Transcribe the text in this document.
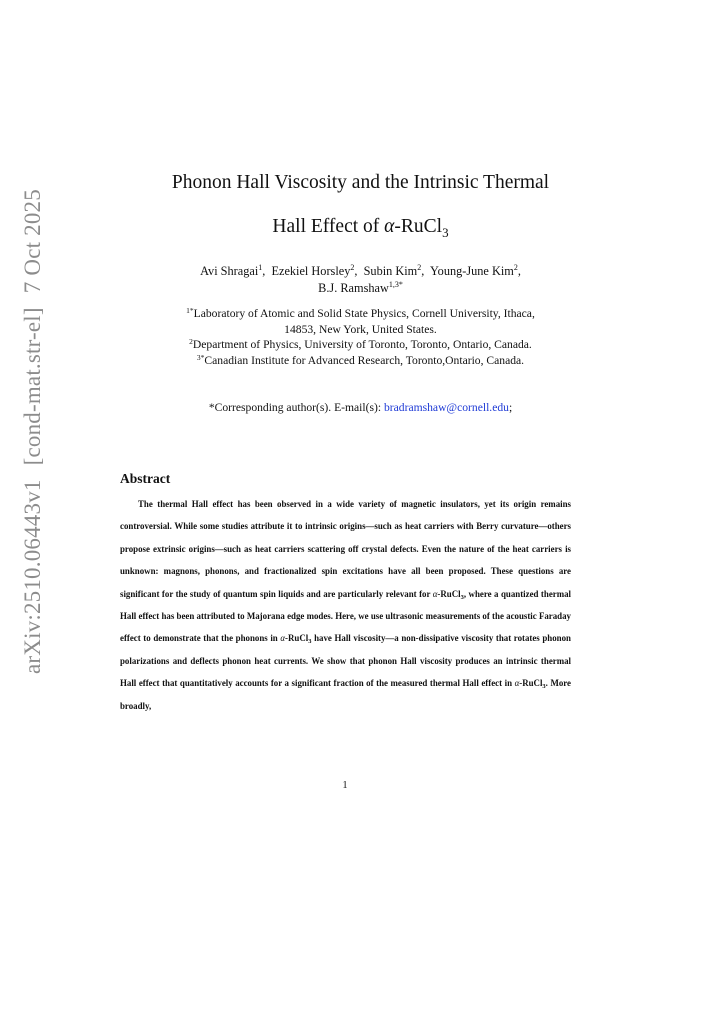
arXiv:2510.06443v1[cond-mat.str-el]7 Oct 2025
Phonon Hall Viscosity and the Intrinsic Thermal
Hall Effect of α-RuCl$_3$
Avi Shragai$^1$, Ezekiel Horsley$^2$, Subin Kim$^2$, Young-June Kim$^2$,
B.J. Ramshaw$^{1,3*}$
$^{1*}$Laboratory of Atomic and Solid State Physics, Cornell University, Ithaca,
14853, New York, United States.
$^2$Department of Physics, University of Toronto, Toronto, Ontario, Canada.
$^{3*}$Canadian Institute for Advanced Research, Toronto,Ontario, Canada.
*Corresponding author(s). E-mail(s): bradramshaw@cornell.edu;
Abstract

The thermal Hall effect has been observed in a wide variety of magnetic insulators, yet its origin remains controversial. While some studies attribute it to intrinsic origins—such as heat carriers with Berry curvature—others propose extrinsic origins—such as heat carriers scattering off crystal defects. Even the nature of the heat carriers is unknown: magnons, phonons, and fractionalized spin excitations have all been proposed. These questions are significant for the study of quantum spin liquids and are particularly relevant for α-RuCl$_3$, where a quantized thermal Hall effect has been attributed to Majorana edge modes. Here, we use ultrasonic measurements of the acoustic Faraday effect to demonstrate that the phonons in α-RuCl$_3$ have Hall viscosity—a non-dissipative viscosity that rotates phonon polarizations and deflects phonon heat currents. We show that phonon Hall viscosity produces an intrinsic thermal Hall effect that quantitatively accounts for a significant fraction of the measured thermal Hall effect in α-RuCl$_3$. More broadly,

1
